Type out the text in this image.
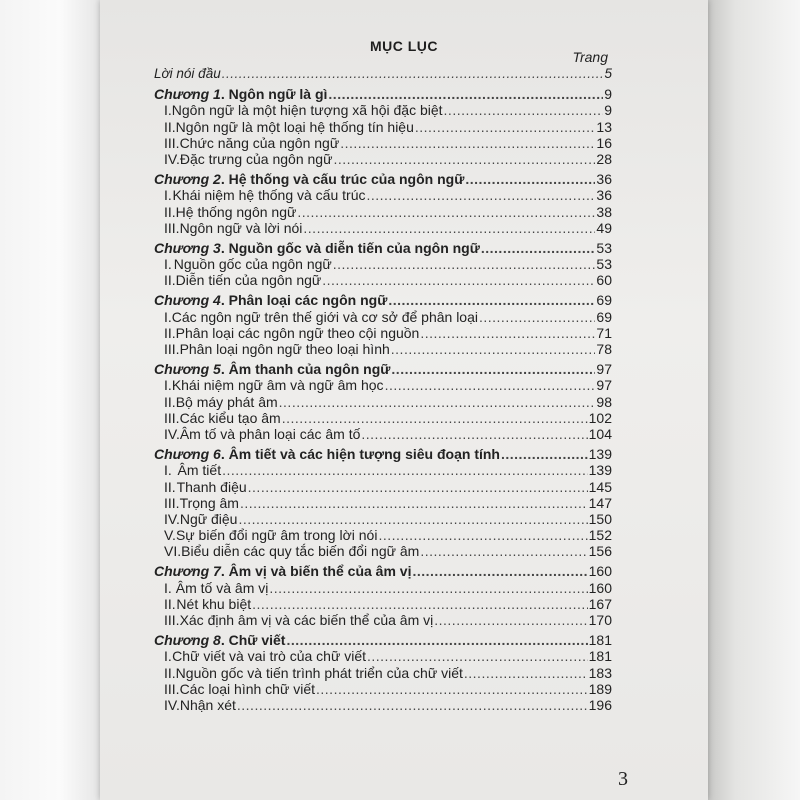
MỤC LỤC
Trang
Lời nói đầu .....	5
Chương 1. Ngôn ngữ là gì .....	9
I. Ngôn ngữ là một hiện tượng xã hội đặc biệt .....	9
II. Ngôn ngữ là một loại hệ thống tín hiệu .....	13
III. Chức năng của ngôn ngữ .....	16
IV. Đặc trưng của ngôn ngữ .....	28
Chương 2. Hệ thống và cấu trúc của ngôn ngữ .....	36
I. Khái niệm hệ thống và cấu trúc .....	36
II. Hệ thống ngôn ngữ .....	38
III. Ngôn ngữ và lời nói .....	49
Chương 3. Nguồn gốc và diễn tiến của ngôn ngữ .....	53
I. Nguồn gốc của ngôn ngữ .....	53
II. Diễn tiến của ngôn ngữ .....	60
Chương 4. Phân loại các ngôn ngữ .....	69
I. Các ngôn ngữ trên thế giới và cơ sở để phân loại .....	69
II. Phân loại các ngôn ngữ theo cội nguồn .....	71
III. Phân loại ngôn ngữ theo loại hình .....	78
Chương 5. Âm thanh của ngôn ngữ .....	97
I. Khái niệm ngữ âm và ngữ âm học .....	97
II. Bộ máy phát âm .....	98
III. Các kiểu tạo âm .....	102
IV. Âm tố và phân loại các âm tố .....	104
Chương 6. Âm tiết và các hiện tượng siêu đoạn tính .....	139
I. Âm tiết .....	139
II. Thanh điệu .....	145
III. Trọng âm .....	147
IV. Ngữ điệu .....	150
V. Sự biến đổi ngữ âm trong lời nói .....	152
VI. Biểu diễn các quy tắc biến đổi ngữ âm .....	156
Chương 7. Âm vị và biến thể của âm vị .....	160
I. Âm tố và âm vị .....	160
II. Nét khu biệt .....	167
III. Xác định âm vị và các biến thể của âm vị .....	170
Chương 8. Chữ viết .....	181
I. Chữ viết và vai trò của chữ viết .....	181
II. Nguồn gốc và tiến trình phát triển của chữ viết .....	183
III. Các loại hình chữ viết .....	189
IV. Nhận xét .....	196
3
